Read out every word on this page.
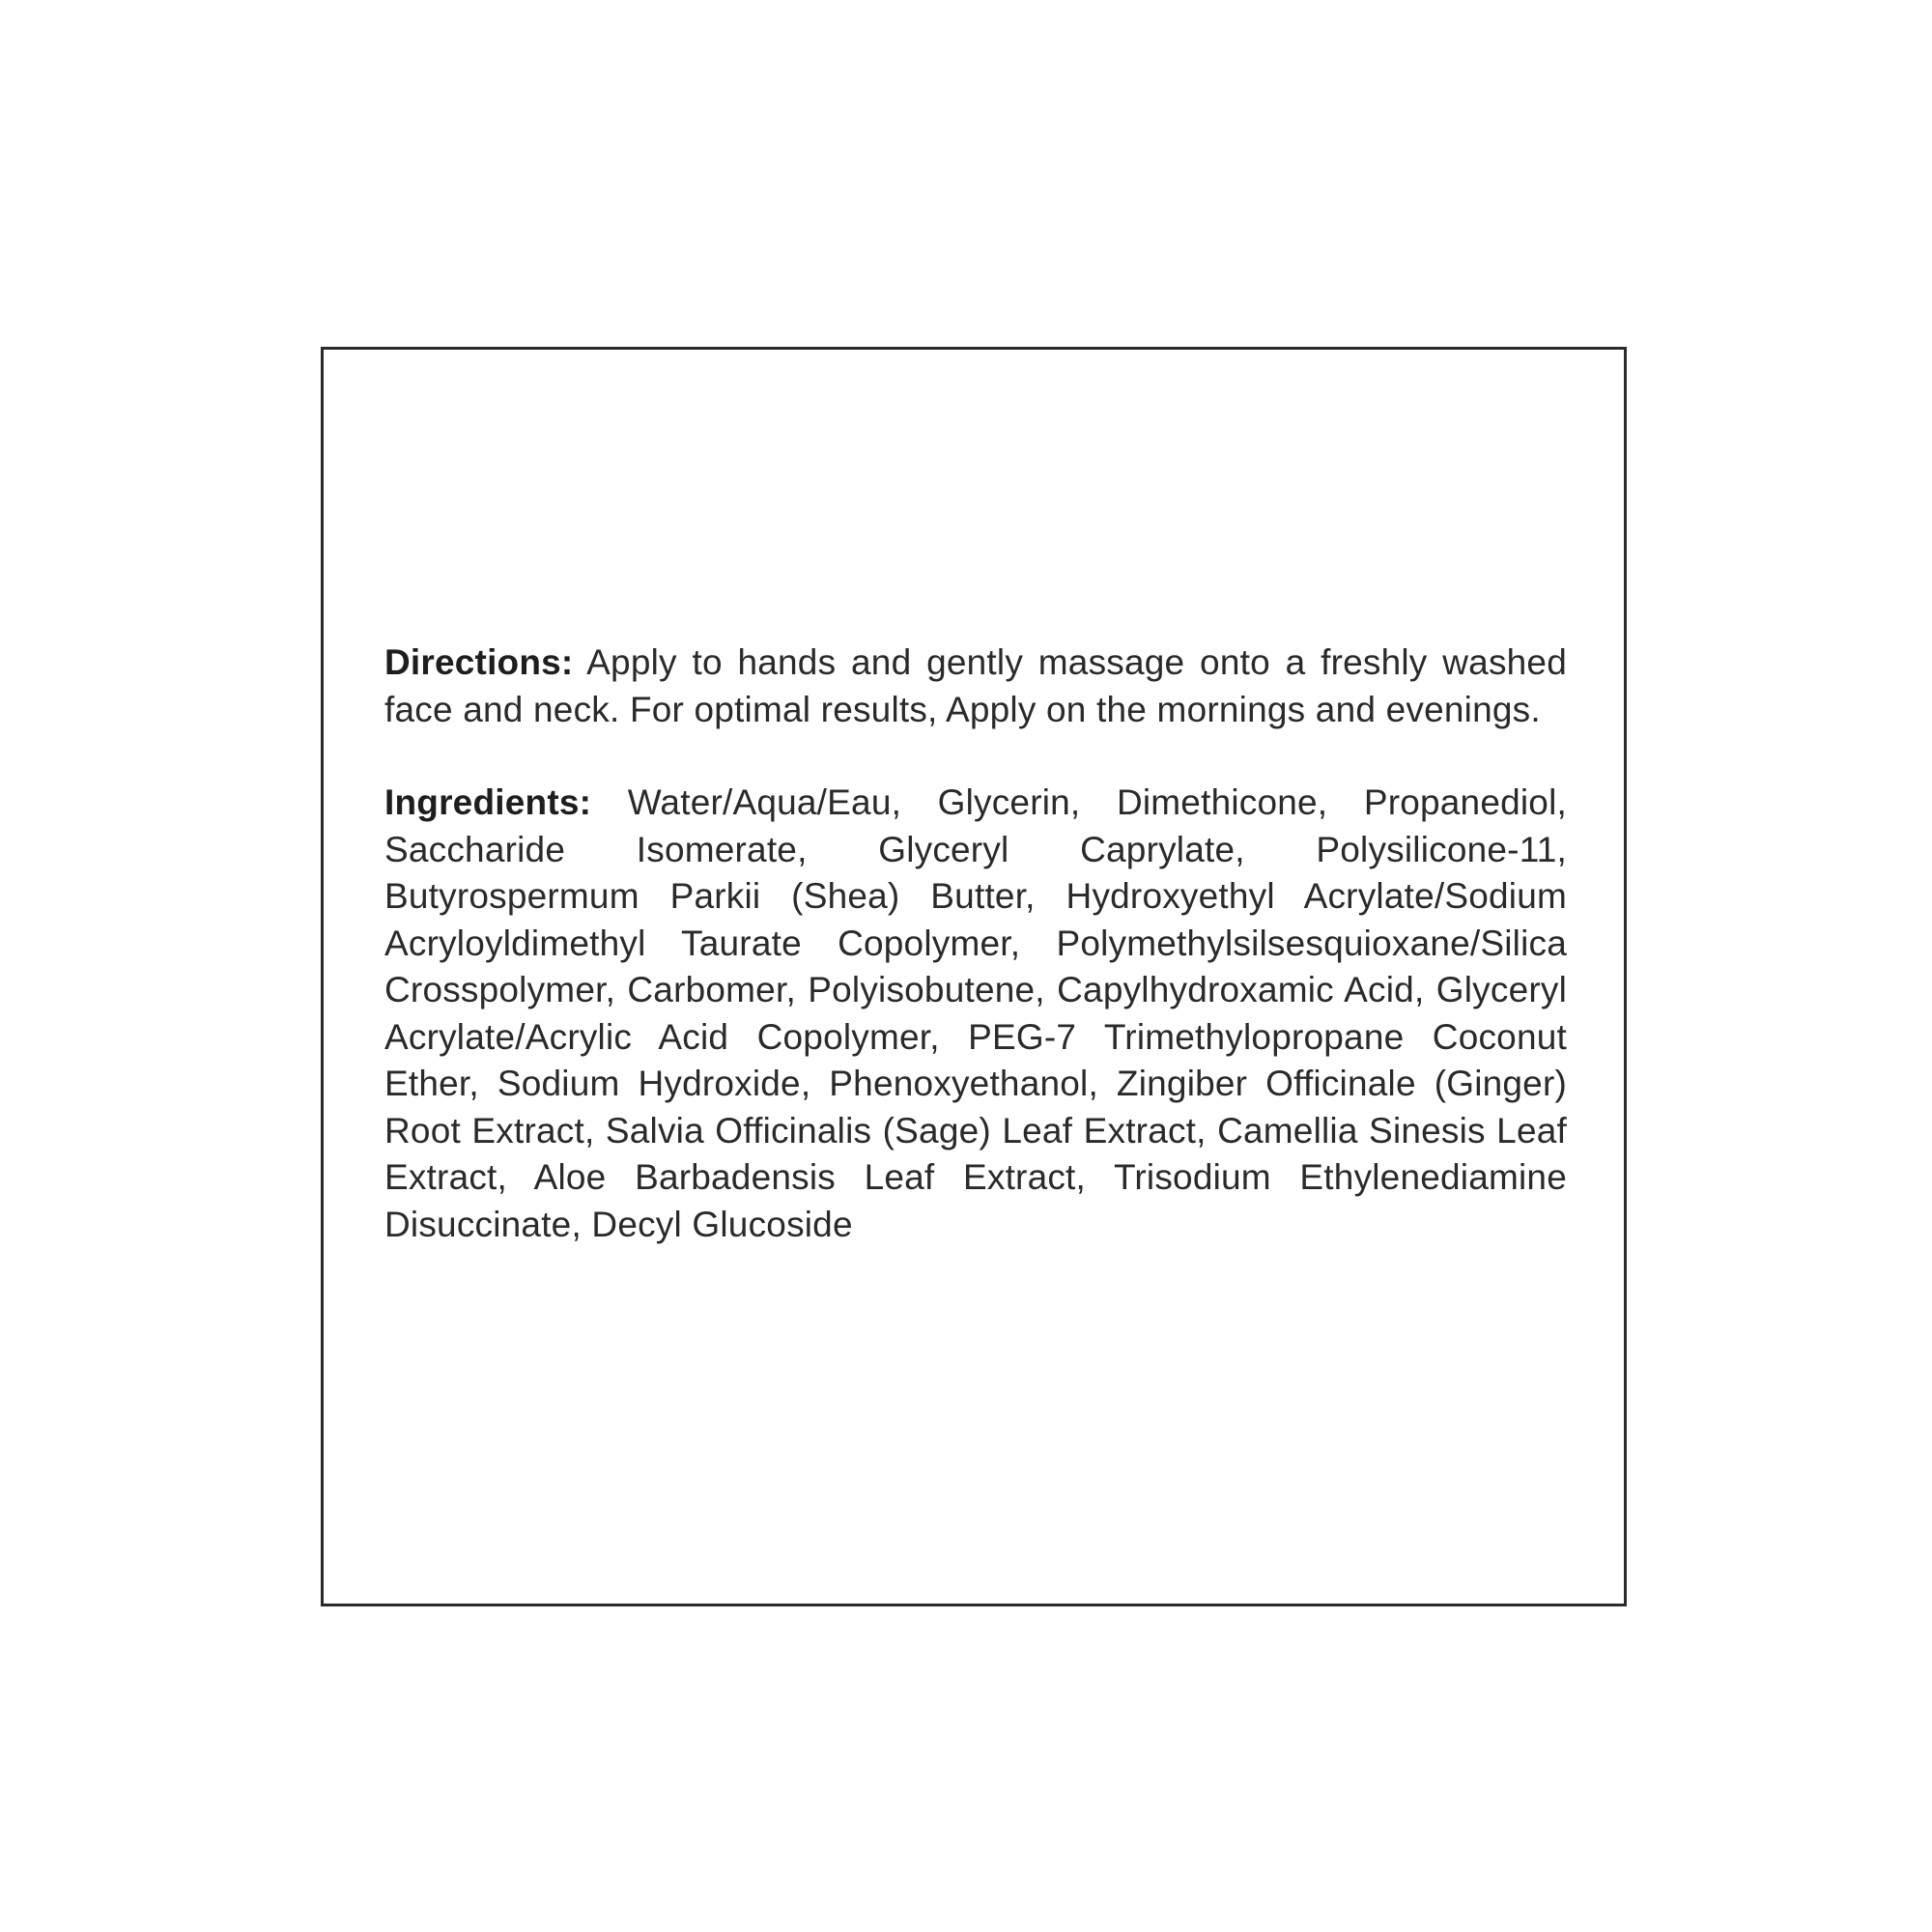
Directions: Apply to hands and gently massage onto a freshly washed face and neck. For optimal results, Apply on the mornings and evenings.

Ingredients: Water/Aqua/Eau, Glycerin, Dimethicone, Propanediol, Saccharide Isomerate, Glyceryl Caprylate, Polysilicone-11, Butyrospermum Parkii (Shea) Butter, Hydroxyethyl Acrylate/Sodium Acryloyldimethyl Taurate Copolymer, Polymethylsilsesquioxane/Silica Crosspolymer, Carbomer, Polyisobutene, Capylhydroxamic Acid, Glyceryl Acrylate/Acrylic Acid Copolymer, PEG-7 Trimethylopropane Coconut Ether, Sodium Hydroxide, Phenoxyethanol, Zingiber Officinale (Ginger) Root Extract, Salvia Officinalis (Sage) Leaf Extract, Camellia Sinesis Leaf Extract, Aloe Barbadensis Leaf Extract, Trisodium Ethylenediamine Disuccinate, Decyl Glucoside
